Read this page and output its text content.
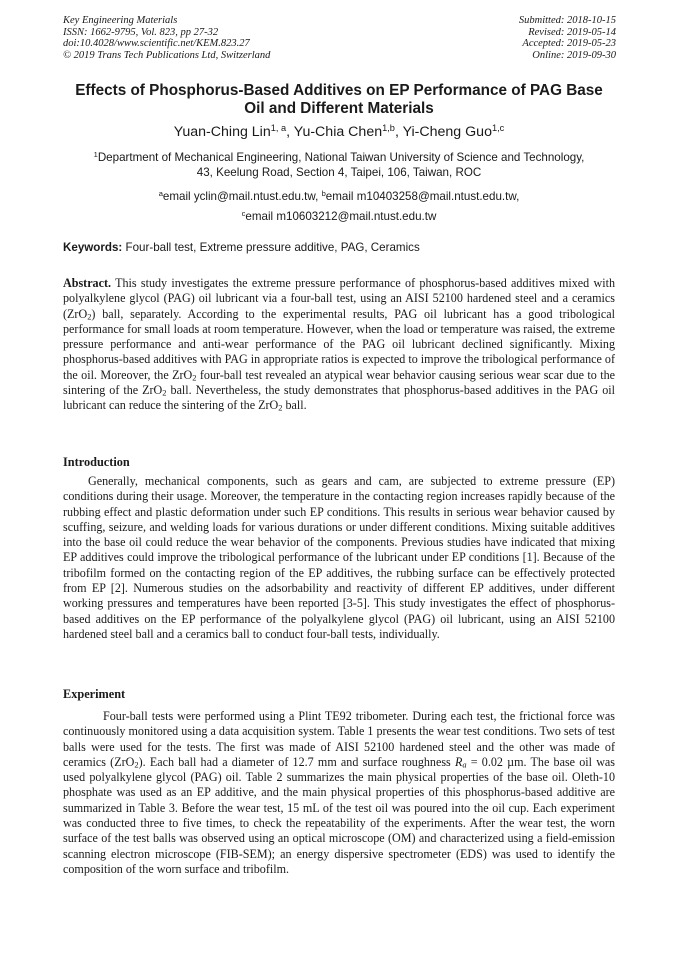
Key Engineering Materials
ISSN: 1662-9795, Vol. 823, pp 27-32
doi:10.4028/www.scientific.net/KEM.823.27
© 2019 Trans Tech Publications Ltd, Switzerland
Submitted: 2018-10-15
Revised: 2019-05-14
Accepted: 2019-05-23
Online: 2019-09-30
Effects of Phosphorus-Based Additives on EP Performance of PAG Base Oil and Different Materials
Yuan-Ching Lin$^{1, a}$, Yu-Chia Chen$^{1,b}$, Yi-Cheng Guo$^{1,c}$
$^1$Department of Mechanical Engineering, National Taiwan University of Science and Technology,
43, Keelung Road, Section 4, Taipei, 106, Taiwan, ROC
$^a$email yclin@mail.ntust.edu.tw, $^b$email m10403258@mail.ntust.edu.tw,
$^c$email m10603212@mail.ntust.edu.tw
Keywords: Four-ball test, Extreme pressure additive, PAG, Ceramics

Abstract. This study investigates the extreme pressure performance of phosphorus-based additives mixed with polyalkylene glycol (PAG) oil lubricant via a four-ball test, using an AISI 52100 hardened steel and a ceramics (ZrO$_2$) ball, separately. According to the experimental results, PAG oil lubricant has a good tribological performance for small loads at room temperature. However, when the load or temperature was raised, the extreme pressure performance and anti-wear performance of the PAG oil lubricant declined significantly. Mixing phosphorus-based additives with PAG in appropriate ratios is expected to improve the tribological performance of the oil. Moreover, the ZrO$_2$ four-ball test revealed an atypical wear behavior causing serious wear scar due to the sintering of the ZrO$_2$ ball. Nevertheless, the study demonstrates that phosphorus-based additives in the PAG oil lubricant can reduce the sintering of the ZrO$_2$ ball.

Introduction

Generally, mechanical components, such as gears and cam, are subjected to extreme pressure (EP) conditions during their usage. Moreover, the temperature in the contacting region increases rapidly because of the rubbing effect and plastic deformation under such EP conditions. This results in serious wear behavior caused by scuffing, seizure, and welding loads for various durations or under different conditions. Mixing suitable additives into the base oil could reduce the wear behavior of the components. Previous studies have indicated that mixing EP additives could improve the tribological performance of the lubricant under EP conditions [1]. Because of the tribofilm formed on the contacting region of the EP additives, the rubbing surface can be effectively protected from EP [2]. Numerous studies on the adsorbability and reactivity of different EP additives, under different working pressures and temperatures have been reported [3-5]. This study investigates the effect of phosphorus-based additives on the EP performance of the polyalkylene glycol (PAG) oil lubricant, using an AISI 52100 hardened steel ball and a ceramics ball to conduct four-ball tests, individually.

Experiment

Four-ball tests were performed using a Plint TE92 tribometer. During each test, the frictional force was continuously monitored using a data acquisition system. Table 1 presents the wear test conditions. Two sets of test balls were used for the tests. The first was made of AISI 52100 hardened steel and the other was made of ceramics (ZrO$_2$). Each ball had a diameter of 12.7 mm and surface roughness $R_a = 0.02$ µm. The base oil was used polyalkylene glycol (PAG) oil. Table 2 summarizes the main physical properties of the base oil. Oleth-10 phosphate was used as an EP additive, and the main physical properties of this phosphorus-based additive are summarized in Table 3. Before the wear test, 15 mL of the test oil was poured into the oil cup. Each experiment was conducted three to five times, to check the repeatability of the experiments. After the wear test, the worn surface of the test balls was observed using an optical microscope (OM) and characterized using a field-emission scanning electron microscope (FIB-SEM); an energy dispersive spectrometer (EDS) was used to identify the composition of the worn surface and tribofilm.
